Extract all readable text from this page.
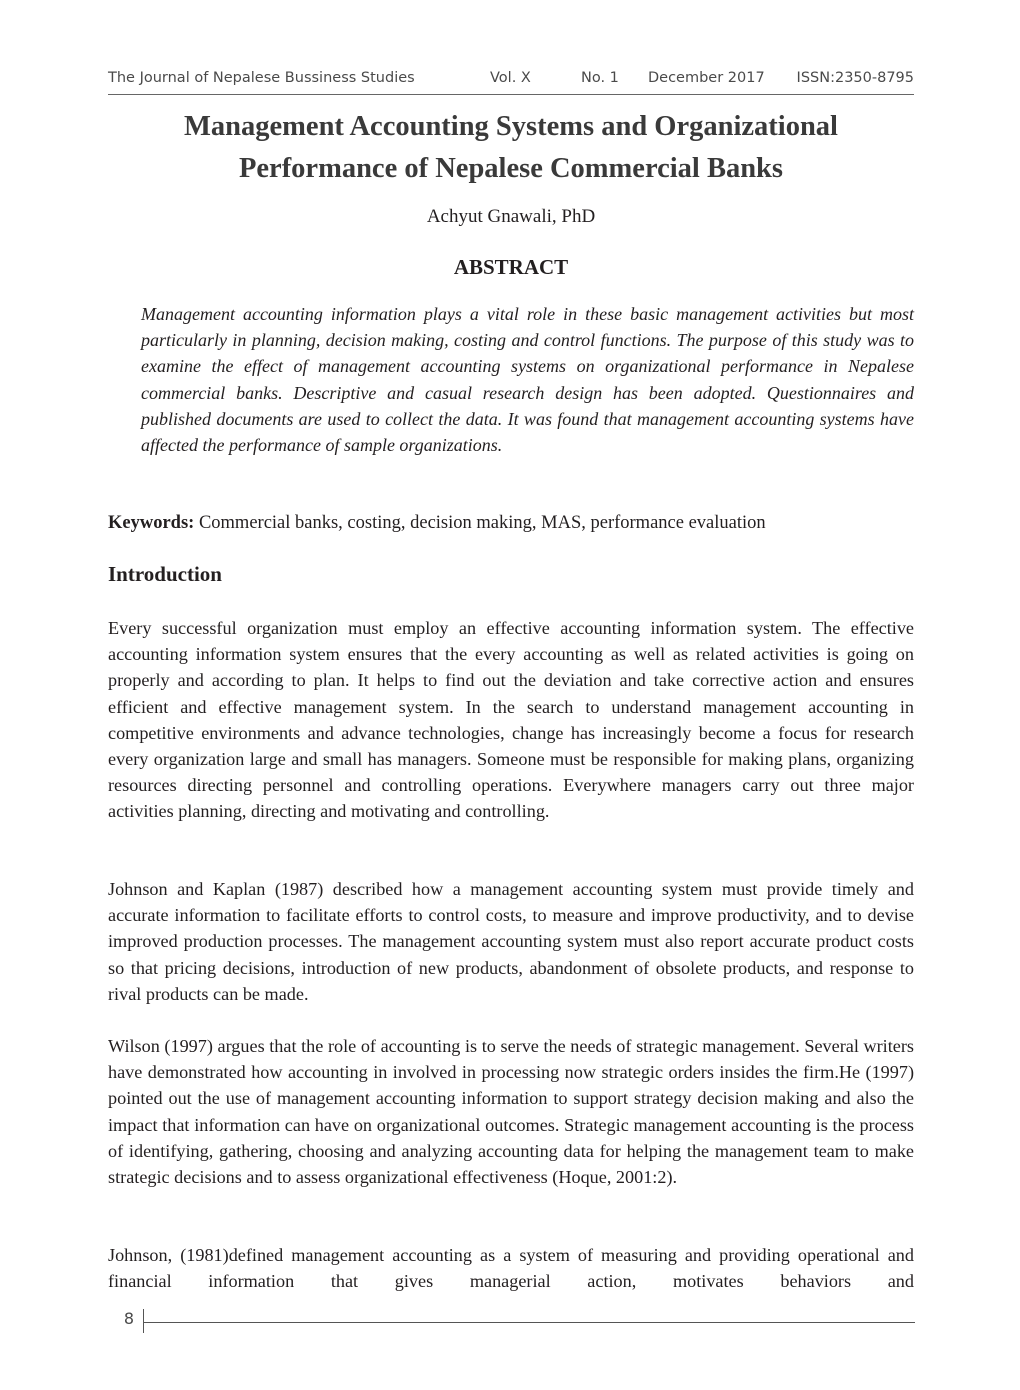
The Journal of Nepalese Bussiness Studies	Vol. X	No. 1 December 2017 ISSN:2350-8795
Management Accounting Systems and Organizational
Performance of Nepalese Commercial Banks
Achyut Gnawali, PhD
ABSTRACT

Management accounting information plays a vital role in these basic management activities but most particularly in planning, decision making, costing and control functions. The purpose of this study was to examine the effect of management accounting systems on organizational performance in Nepalese commercial banks. Descriptive and casual research design has been adopted. Questionnaires and published documents are used to collect the data. It was found that management accounting systems have affected the performance of sample organizations.

Keywords: Commercial banks, costing, decision making, MAS, performance evaluation

Introduction

Every successful organization must employ an effective accounting information system. The effective accounting information system ensures that the every accounting as well as related activities is going on properly and according to plan. It helps to find out the deviation and take corrective action and ensures efficient and effective management system. In the search to understand management accounting in competitive environments and advance technologies, change has increasingly become a focus for research every organization large and small has managers. Someone must be responsible for making plans, organizing resources directing personnel and controlling operations. Everywhere managers carry out three major activities planning, directing and motivating and controlling.

Johnson and Kaplan (1987) described how a management accounting system must provide timely and accurate information to facilitate efforts to control costs, to measure and improve productivity, and to devise improved production processes. The management accounting system must also report accurate product costs so that pricing decisions, introduction of new products, abandonment of obsolete products, and response to rival products can be made.

Wilson (1997) argues that the role of accounting is to serve the needs of strategic management. Several writers have demonstrated how accounting in involved in processing now strategic orders insides the firm.He (1997) pointed out the use of management accounting information to support strategy decision making and also the impact that information can have on organizational outcomes. Strategic management accounting is the process of identifying, gathering, choosing and analyzing accounting data for helping the management team to make strategic decisions and to assess organizational effectiveness (Hoque, 2001:2).

Johnson, (1981)defined management accounting as a system of measuring and providing operational and financial information that gives managerial action, motivates behaviors and

8
